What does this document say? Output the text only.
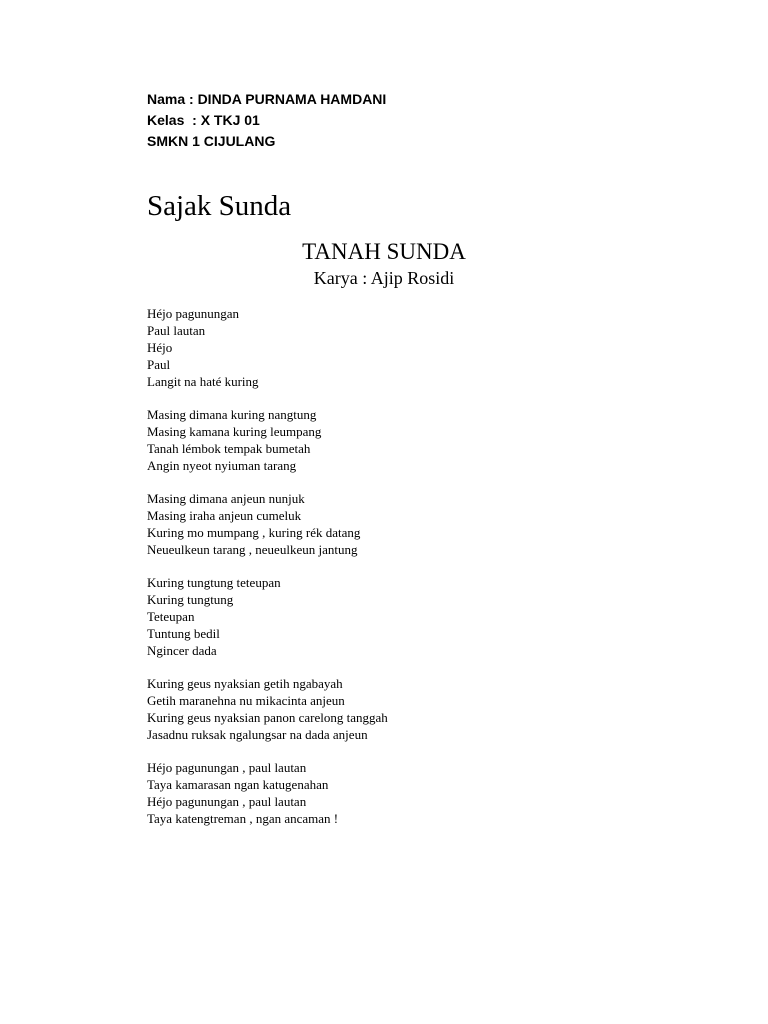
Nama : DINDA PURNAMA HAMDANI
Kelas  : X TKJ 01
SMKN 1 CIJULANG
Sajak Sunda
TANAH SUNDA
Karya : Ajip Rosidi
Héjo pagunungan
Paul lautan
Héjo
Paul
Langit na haté kuring
Masing dimana kuring nangtung
Masing kamana kuring leumpang
Tanah lémbok tempak bumetah
Angin nyeot nyiuman tarang
Masing dimana anjeun nunjuk
Masing iraha anjeun cumeluk
Kuring mo mumpang , kuring rék datang
Neueulkeun tarang , neueulkeun jantung
Kuring tungtung teteupan
Kuring tungtung
Teteupan
Tuntung bedil
Ngincer dada
Kuring geus nyaksian getih ngabayah
Getih maranehna nu mikacinta anjeun
Kuring geus nyaksian panon carelong tanggah
Jasadnu ruksak ngalungsar na dada anjeun
Héjo pagunungan , paul lautan
Taya kamarasan ngan katugenahan
Héjo pagunungan , paul lautan
Taya katengtreman , ngan ancaman !
